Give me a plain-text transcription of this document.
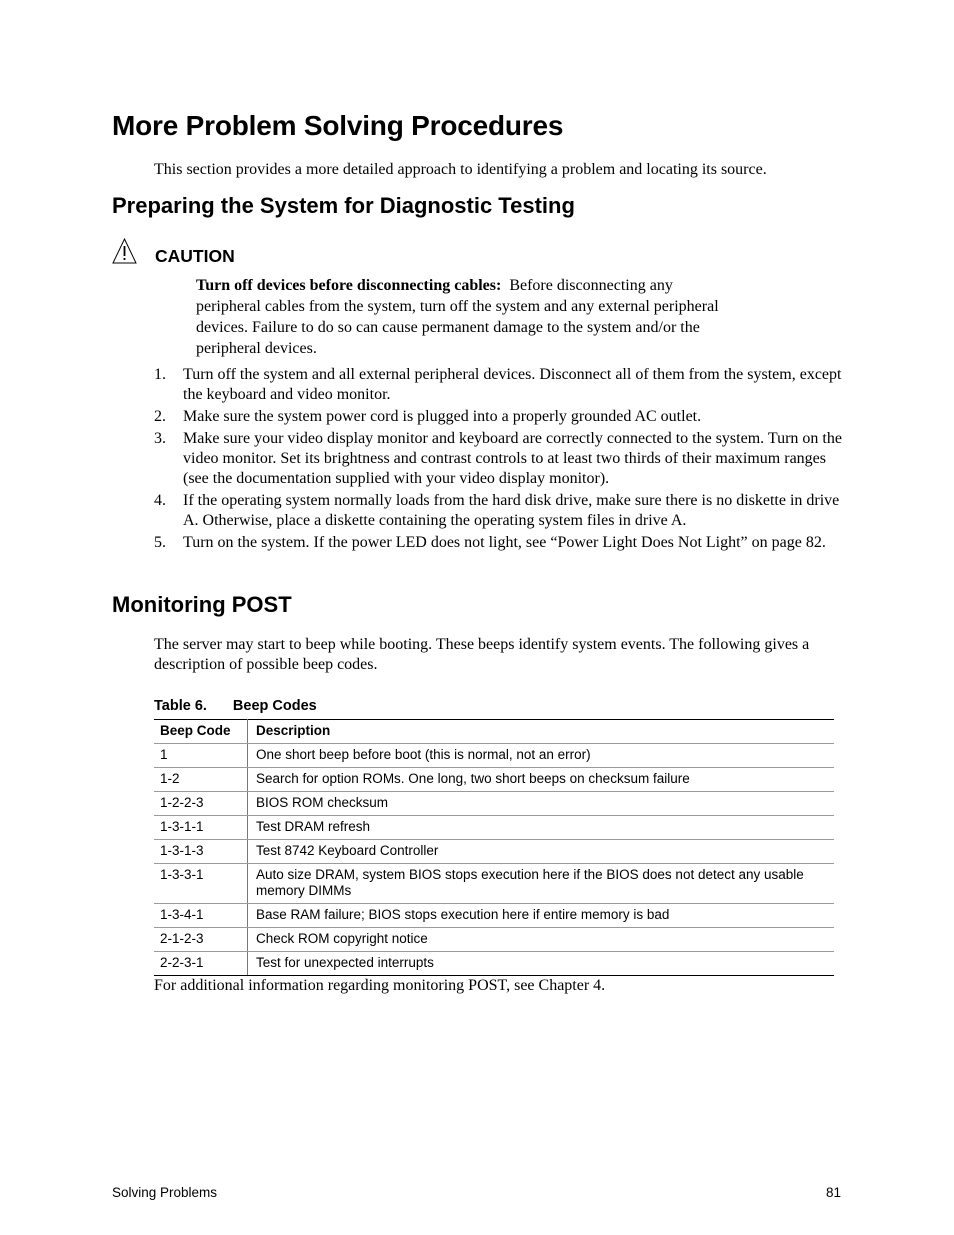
More Problem Solving Procedures

This section provides a more detailed approach to identifying a problem and locating its source.

Preparing the System for Diagnostic Testing

CAUTION

Turn off devices before disconnecting cables: Before disconnecting any peripheral cables from the system, turn off the system and any external peripheral devices. Failure to do so can cause permanent damage to the system and/or the peripheral devices.

1. Turn off the system and all external peripheral devices. Disconnect all of them from the system, except the keyboard and video monitor.
2. Make sure the system power cord is plugged into a properly grounded AC outlet.
3. Make sure your video display monitor and keyboard are correctly connected to the system. Turn on the video monitor. Set its brightness and contrast controls to at least two thirds of their maximum ranges (see the documentation supplied with your video display monitor).
4. If the operating system normally loads from the hard disk drive, make sure there is no diskette in drive A. Otherwise, place a diskette containing the operating system files in drive A.
5. Turn on the system. If the power LED does not light, see “Power Light Does Not Light” on page 82.
Monitoring POST

The server may start to beep while booting. These beeps identify system events. The following gives a description of possible beep codes.

Table 6. Beep Codes

Beep Code	Description
1	One short beep before boot (this is normal, not an error)
1-2	Search for option ROMs. One long, two short beeps on checksum failure
1-2-2-3	BIOS ROM checksum
1-3-1-1	Test DRAM refresh
1-3-1-3	Test 8742 Keyboard Controller
1-3-3-1	Auto size DRAM, system BIOS stops execution here if the BIOS does not detect any usable memory DIMMs
1-3-4-1	Base RAM failure; BIOS stops execution here if entire memory is bad
2-1-2-3	Check ROM copyright notice
2-2-3-1	Test for unexpected interrupts

For additional information regarding monitoring POST, see Chapter 4.

Solving Problems	81
